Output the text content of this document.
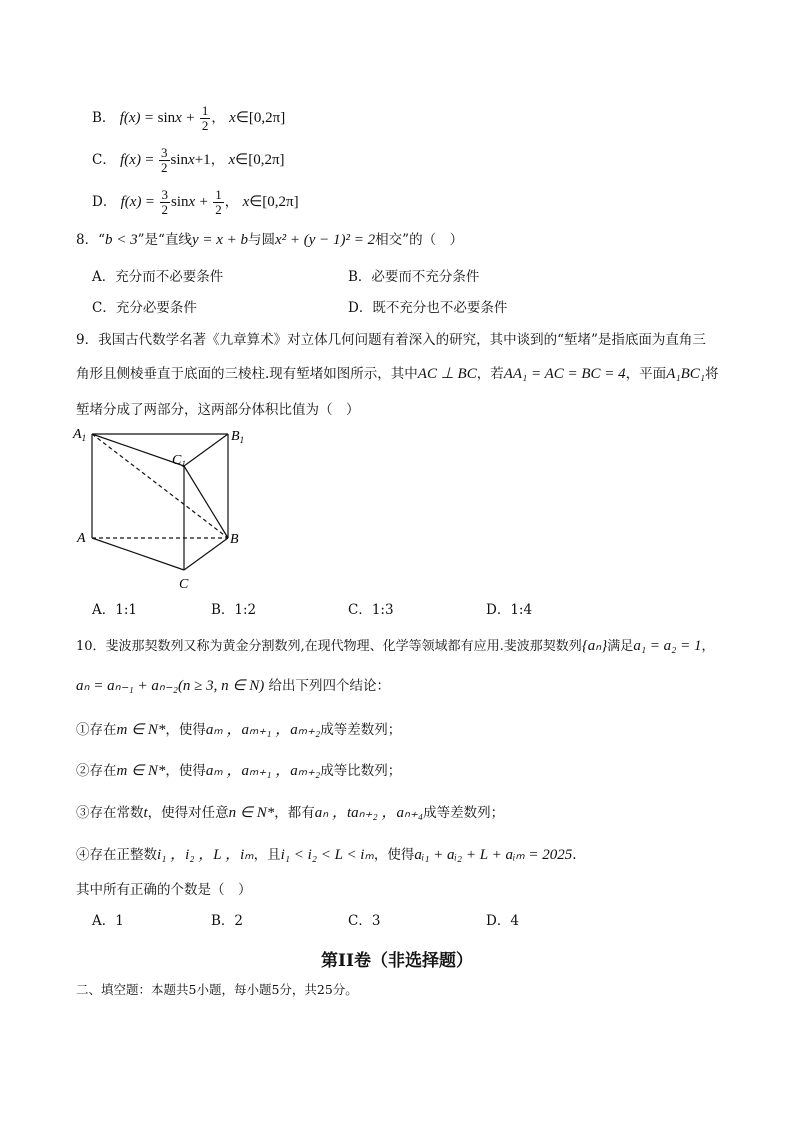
B． $f(x) = \sin x + \frac{1}{2}$ ， x∈[0,2π]
C． $f(x) = \frac{3}{2} \sin x+1$， x∈[0,2π]
D． $f(x) = \frac{3}{2}$ $\sin x + \frac{1}{2}$ ， x∈[0,2π]
8．“b < 3”是“直线y = x + b与圆x² + (y − 1)² = 2相交”的（　）
A．充分而不必要条件	B．必要而不充分条件
C．充分必要条件	D．既不充分也不必要条件
9．我国古代数学名著《九章算术》对立体几何问题有着深入的研究，其中谈到的“堑堵”是指底面为直角三
角形且侧棱垂直于底面的三棱柱.现有堑堵如图所示，其中AC ⊥ BC，若AA₁ = AC = BC = 4，平面A₁BC₁将
堑堵分成了两部分，这两部分体积比值为（　）
$A_1$	$B_1$
$C_1$
A	B
C
A．1:1	B．1:2	C．1:3	D．1:4
10．斐波那契数列又称为黄金分割数列,在现代物理、化学等领域都有应用.斐波那契数列{aₙ}满足a₁ = a₂ = 1，
aₙ = aₙ₋₁ + aₙ₋₂(n ≥ 3, n ∈ N) 给出下列四个结论：
①存在m ∈ N*，使得aₘ ，aₘ₊₁ ，aₘ₊₂成等差数列；
②存在m ∈ N*，使得aₘ ，aₘ₊₁ ，aₘ₊₂成等比数列；
③存在常数t，使得对任意n ∈ N*，都有aₙ ，taₙ₊₂ ，aₙ₊₄成等差数列；
④存在正整数i₁ ，i₂ ，L ，iₘ，且i₁ < i₂ < L < iₘ，使得aᵢ₁ + aᵢ₂ + L + aᵢₘ = 2025.
其中所有正确的个数是（　）
A．1	B．2	C．3	D．4
第II卷（非选择题）
二、填空题：本题共5小题，每小题5分，共25分。
